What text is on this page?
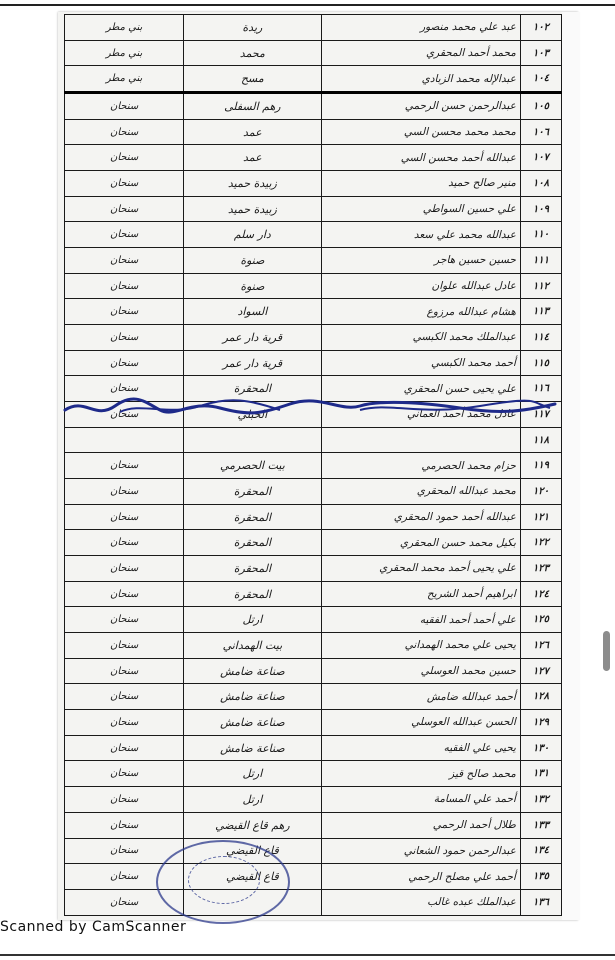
بني مطر	ريدة	عبد علي محمد منصور	١٠٢
بني مطر	محمد	محمد أحمد المحقري	١٠٣
بني مطر	مسح	عبدالإله محمد الزبادي	١٠٤
سنحان	رهم السفلى	عبدالرحمن حسن الرحمي	١٠٥
سنحان	عمد	محمد محمد محسن السي	١٠٦
سنحان	عمد	عبدالله أحمد محسن السي	١٠٧
سنحان	زبيدة حميد	منير صالح حميد	١٠٨
سنحان	زبيدة حميد	علي حسين السواطي	١٠٩
سنحان	دار سلم	عبدالله محمد علي سعد	١١٠
سنحان	صنوة	حسين حسين هاجر	١١١
سنحان	صنوة	عادل عبدالله علوان	١١٢
سنحان	السواد	هشام عبدالله مرزوع	١١٣
سنحان	قرية دار عمر	عبدالملك محمد الكبسي	١١٤
سنحان	قرية دار عمر	أحمد محمد الكبسي	١١٥
سنحان	المحقرة	علي يحيى حسن المحقري	١١٦
سنحان	الحبلي	عادل محمد أحمد العماني	١١٧
			١١٨
سنحان	بيت الحصرمي	حزام محمد الحصرمي	١١٩
سنحان	المحقرة	محمد عبدالله المحقري	١٢٠
سنحان	المحقرة	عبدالله أحمد حمود المحقري	١٢١
سنحان	المحقرة	بكيل محمد حسن المحقري	١٢٢
سنحان	المحقرة	علي يحيى أحمد محمد المحقري	١٢٣
سنحان	المحقرة	ابراهيم أحمد الشريح	١٢٤
سنحان	ارتل	علي أحمد أحمد الفقيه	١٢٥
سنحان	بيت الهمداني	يحيى علي محمد الهمداني	١٢٦
سنحان	صناعة ضامش	حسين محمد العوسلي	١٢٧
سنحان	صناعة ضامش	أحمد عبدالله ضامش	١٢٨
سنحان	صناعة ضامش	الحسن عبدالله العوسلي	١٢٩
سنحان	صناعة ضامش	يحيى علي الفقيه	١٣٠
سنحان	ارتل	محمد صالح قيز	١٣١
سنحان	ارتل	أحمد علي المسامة	١٣٢
سنحان	رهم قاع القيضي	طلال أحمد الرحمي	١٣٣
سنحان	قاع القيضي	عبدالرحمن حمود الشعاني	١٣٤
سنحان	قاع القيضي	أحمد علي مصلح الرحمي	١٣٥
سنحان		عبدالملك عبده غالب	١٣٦
Scanned by CamScanner
